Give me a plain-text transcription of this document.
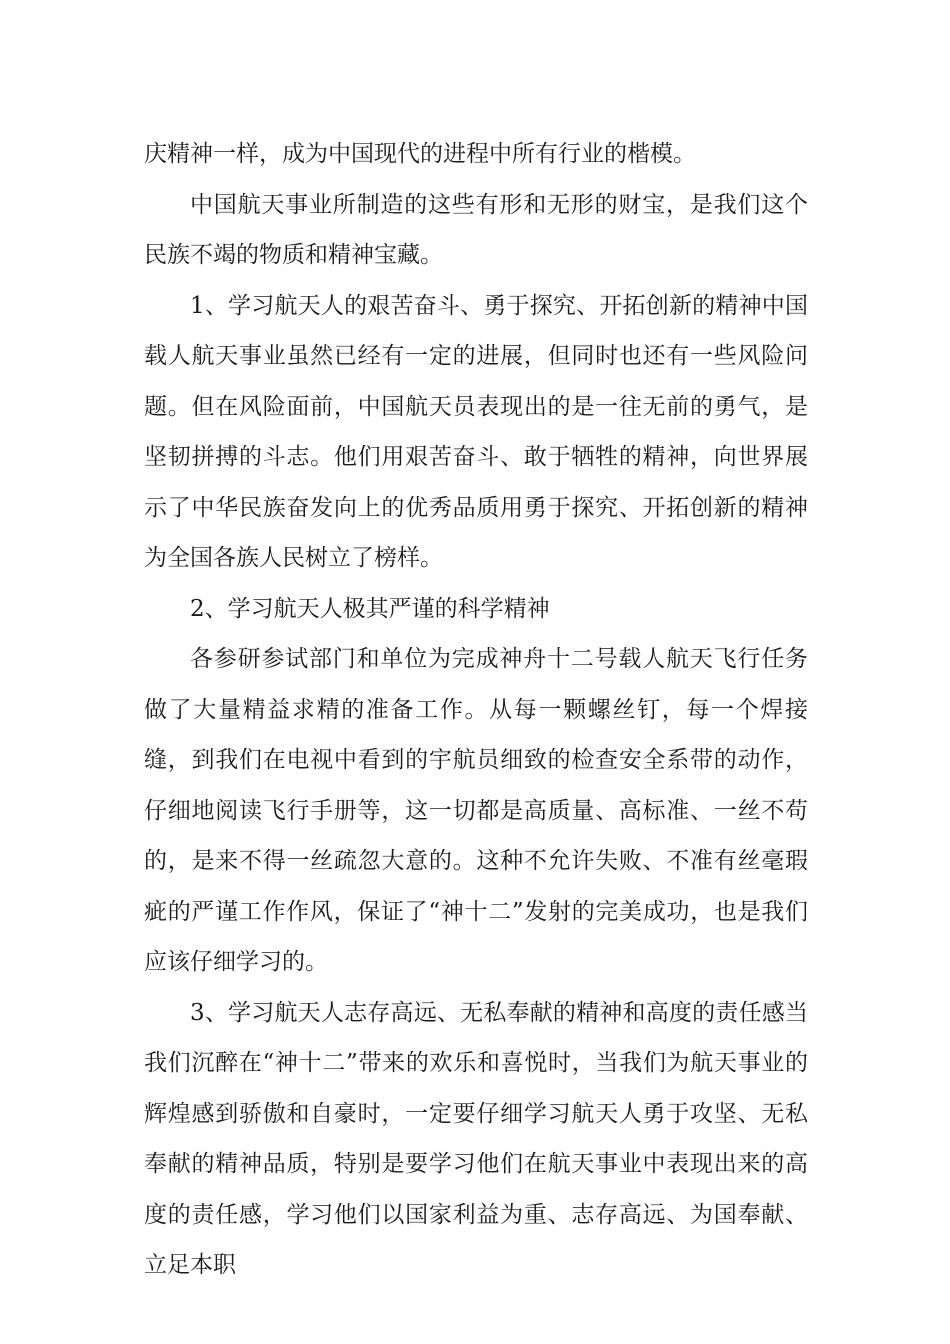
庆精神一样，成为中国现代的进程中所有行业的楷模。

中国航天事业所制造的这些有形和无形的财宝，是我们这个民族不竭的物质和精神宝藏。

1、学习航天人的艰苦奋斗、勇于探究、开拓创新的精神中国载人航天事业虽然已经有一定的进展，但同时也还有一些风险问题。但在风险面前，中国航天员表现出的是一往无前的勇气，是坚韧拼搏的斗志。他们用艰苦奋斗、敢于牺牲的精神，向世界展示了中华民族奋发向上的优秀品质用勇于探究、开拓创新的精神为全国各族人民树立了榜样。

2、学习航天人极其严谨的科学精神

各参研参试部门和单位为完成神舟十二号载人航天飞行任务做了大量精益求精的准备工作。从每一颗螺丝钉，每一个焊接缝，到我们在电视中看到的宇航员细致的检查安全系带的动作，仔细地阅读飞行手册等，这一切都是高质量、高标准、一丝不苟的，是来不得一丝疏忽大意的。这种不允许失败、不准有丝毫瑕疵的严谨工作作风，保证了“神十二”发射的完美成功，也是我们应该仔细学习的。

3、学习航天人志存高远、无私奉献的精神和高度的责任感当我们沉醉在“神十二”带来的欢乐和喜悦时，当我们为航天事业的辉煌感到骄傲和自豪时，一定要仔细学习航天人勇于攻坚、无私奉献的精神品质，特别是要学习他们在航天事业中表现出来的高度的责任感，学习他们以国家利益为重、志存高远、为国奉献、立足本职
